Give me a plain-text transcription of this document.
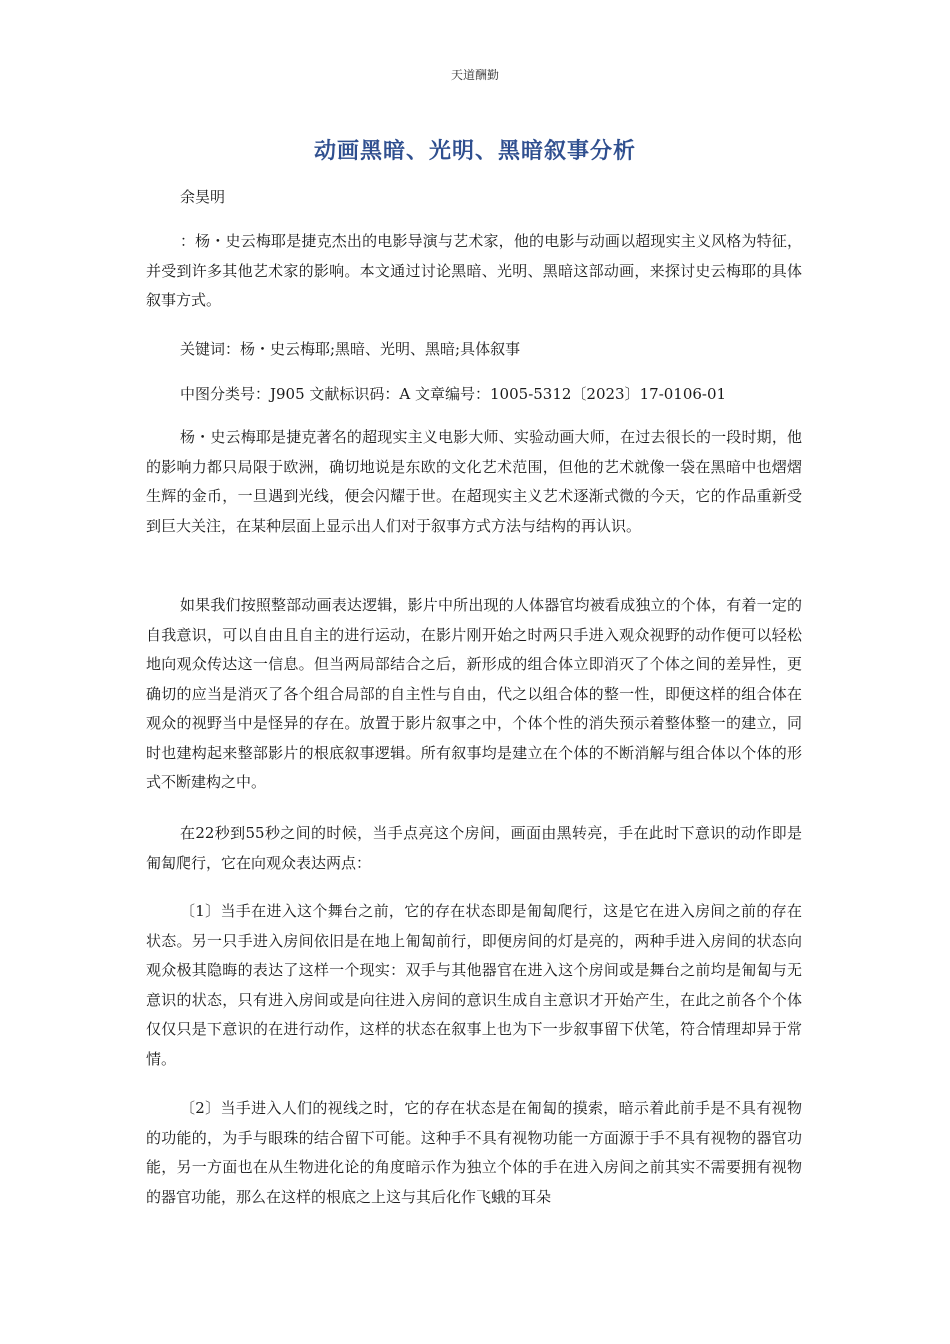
天道酬勤
动画黑暗、光明、黑暗叙事分析
余昊明

：杨・史云梅耶是捷克杰出的电影导演与艺术家，他的电影与动画以超现实主义风格为特征，并受到许多其他艺术家的影响。本文通过讨论黑暗、光明、黑暗这部动画，来探讨史云梅耶的具体叙事方式。

关键词：杨・史云梅耶;黑暗、光明、黑暗;具体叙事
中图分类号：J905 文献标识码：A 文章编号：1005-5312〔2023〕17-0106-01

杨・史云梅耶是捷克著名的超现实主义电影大师、实验动画大师，在过去很长的一段时期，他的影响力都只局限于欧洲，确切地说是东欧的文化艺术范围，但他的艺术就像一袋在黑暗中也熠熠生辉的金币，一旦遇到光线，便会闪耀于世。在超现实主义艺术逐渐式微的今天，它的作品重新受到巨大关注，在某种层面上显示出人们对于叙事方式方法与结构的再认识。

如果我们按照整部动画表达逻辑，影片中所出现的人体器官均被看成独立的个体，有着一定的自我意识，可以自由且自主的进行运动，在影片刚开始之时两只手进入观众视野的动作便可以轻松地向观众传达这一信息。但当两局部结合之后，新形成的组合体立即消灭了个体之间的差异性，更确切的应当是消灭了各个组合局部的自主性与自由，代之以组合体的整一性，即便这样的组合体在观众的视野当中是怪异的存在。放置于影片叙事之中，个体个性的消失预示着整体整一的建立，同时也建构起来整部影片的根底叙事逻辑。所有叙事均是建立在个体的不断消解与组合体以个体的形式不断建构之中。

在22秒到55秒之间的时候，当手点亮这个房间，画面由黑转亮，手在此时下意识的动作即是匍匐爬行，它在向观众表达两点：

〔1〕当手在进入这个舞台之前，它的存在状态即是匍匐爬行，这是它在进入房间之前的存在状态。另一只手进入房间依旧是在地上匍匐前行，即便房间的灯是亮的，两种手进入房间的状态向观众极其隐晦的表达了这样一个现实：双手与其他器官在进入这个房间或是舞台之前均是匍匐与无意识的状态，只有进入房间或是向往进入房间的意识生成自主意识才开始产生，在此之前各个个体仅仅只是下意识的在进行动作，这样的状态在叙事上也为下一步叙事留下伏笔，符合情理却异于常情。

〔2〕当手进入人们的视线之时，它的存在状态是在匍匐的摸索，暗示着此前手是不具有视物的功能的，为手与眼珠的结合留下可能。这种手不具有视物功能一方面源于手不具有视物的器官功能，另一方面也在从生物进化论的角度暗示作为独立个体的手在进入房间之前其实不需要拥有视物的器官功能，那么在这样的根底之上这与其后化作飞蛾的耳朵
